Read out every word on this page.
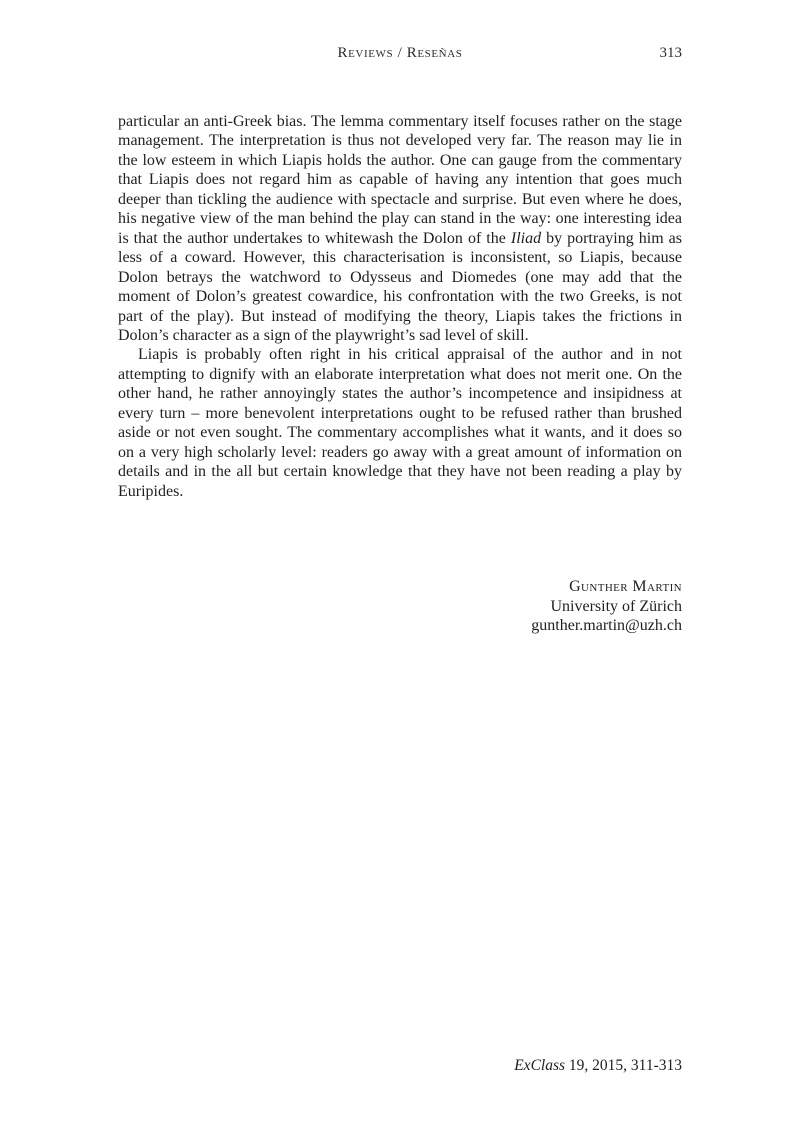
Reviews / Reseñas	313

particular an anti-Greek bias. The lemma commentary itself focuses rather on the stage management. The interpretation is thus not developed very far. The reason may lie in the low esteem in which Liapis holds the author. One can gauge from the commentary that Liapis does not regard him as capable of having any intention that goes much deeper than tickling the audience with spectacle and surprise. But even where he does, his negative view of the man behind the play can stand in the way: one interesting idea is that the author undertakes to whitewash the Dolon of the Iliad by portraying him as less of a coward. However, this characterisation is inconsistent, so Liapis, because Dolon betrays the watchword to Odysseus and Diomedes (one may add that the moment of Dolon’s greatest cowardice, his confrontation with the two Greeks, is not part of the play). But instead of modifying the theory, Liapis takes the frictions in Dolon’s character as a sign of the playwright’s sad level of skill.

Liapis is probably often right in his critical appraisal of the author and in not attempting to dignify with an elaborate interpretation what does not merit one. On the other hand, he rather annoyingly states the author’s incompetence and insipidness at every turn – more benevolent interpretations ought to be refused rather than brushed aside or not even sought. The commentary accomplishes what it wants, and it does so on a very high scholarly level: readers go away with a great amount of information on details and in the all but certain knowledge that they have not been reading a play by Euripides.

Gunther Martin
University of Zürich
gunther.martin@uzh.ch
ExClass 19, 2015, 311-313
